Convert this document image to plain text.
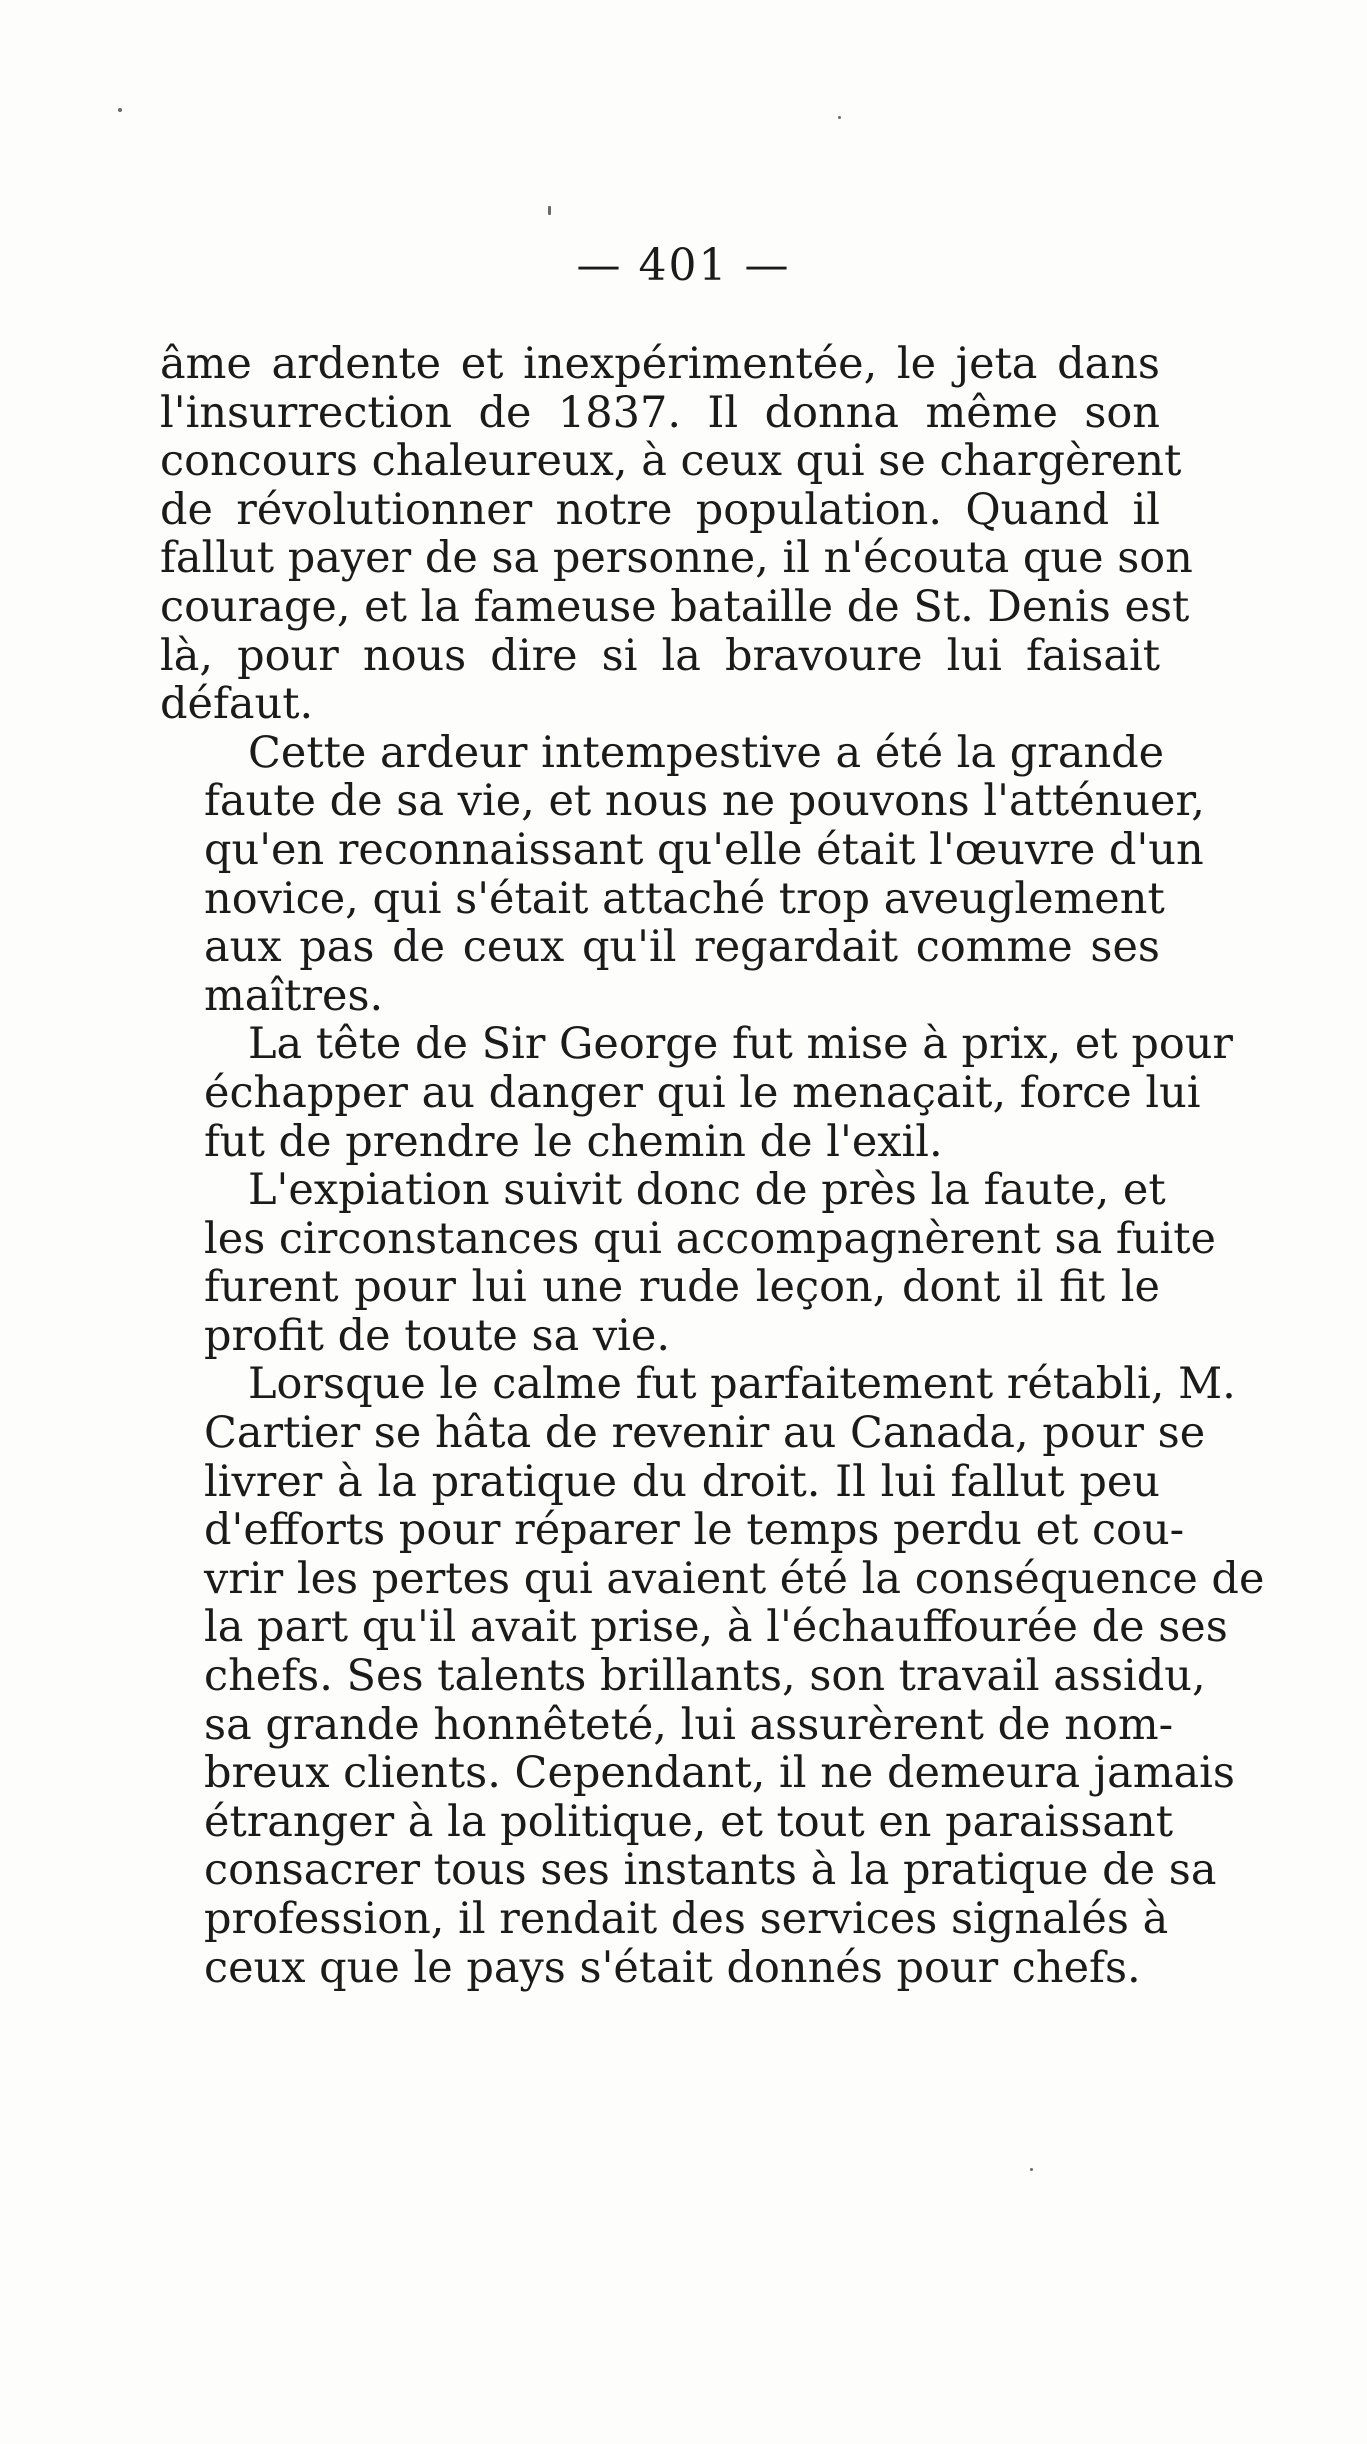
— 401 —

âme ardente et inexpérimentée, le jeta dans
l'insurrection de 1837. Il donna même son
concours chaleureux, à ceux qui se chargèrent
de révolutionner notre population. Quand il
fallut payer de sa personne, il n'écouta que son
courage, et la fameuse bataille de St. Denis est
là, pour nous dire si la bravoure lui faisait
défaut.

Cette ardeur intempestive a été la grande
faute de sa vie, et nous ne pouvons l'atténuer,
qu'en reconnaissant qu'elle était l'œuvre d'un
novice, qui s'était attaché trop aveuglement
aux pas de ceux qu'il regardait comme ses
maîtres.

La tête de Sir George fut mise à prix, et pour
échapper au danger qui le menaçait, force lui
fut de prendre le chemin de l'exil.

L'expiation suivit donc de près la faute, et
les circonstances qui accompagnèrent sa fuite
furent pour lui une rude leçon, dont il fit le
profit de toute sa vie.

Lorsque le calme fut parfaitement rétabli, M.
Cartier se hâta de revenir au Canada, pour se
livrer à la pratique du droit. Il lui fallut peu
d'efforts pour réparer le temps perdu et cou-
vrir les pertes qui avaient été la conséquence de
la part qu'il avait prise, à l'échauffourée de ses
chefs. Ses talents brillants, son travail assidu,
sa grande honnêteté, lui assurèrent de nom-
breux clients. Cependant, il ne demeura jamais
étranger à la politique, et tout en paraissant
consacrer tous ses instants à la pratique de sa
profession, il rendait des services signalés à
ceux que le pays s'était donnés pour chefs.
